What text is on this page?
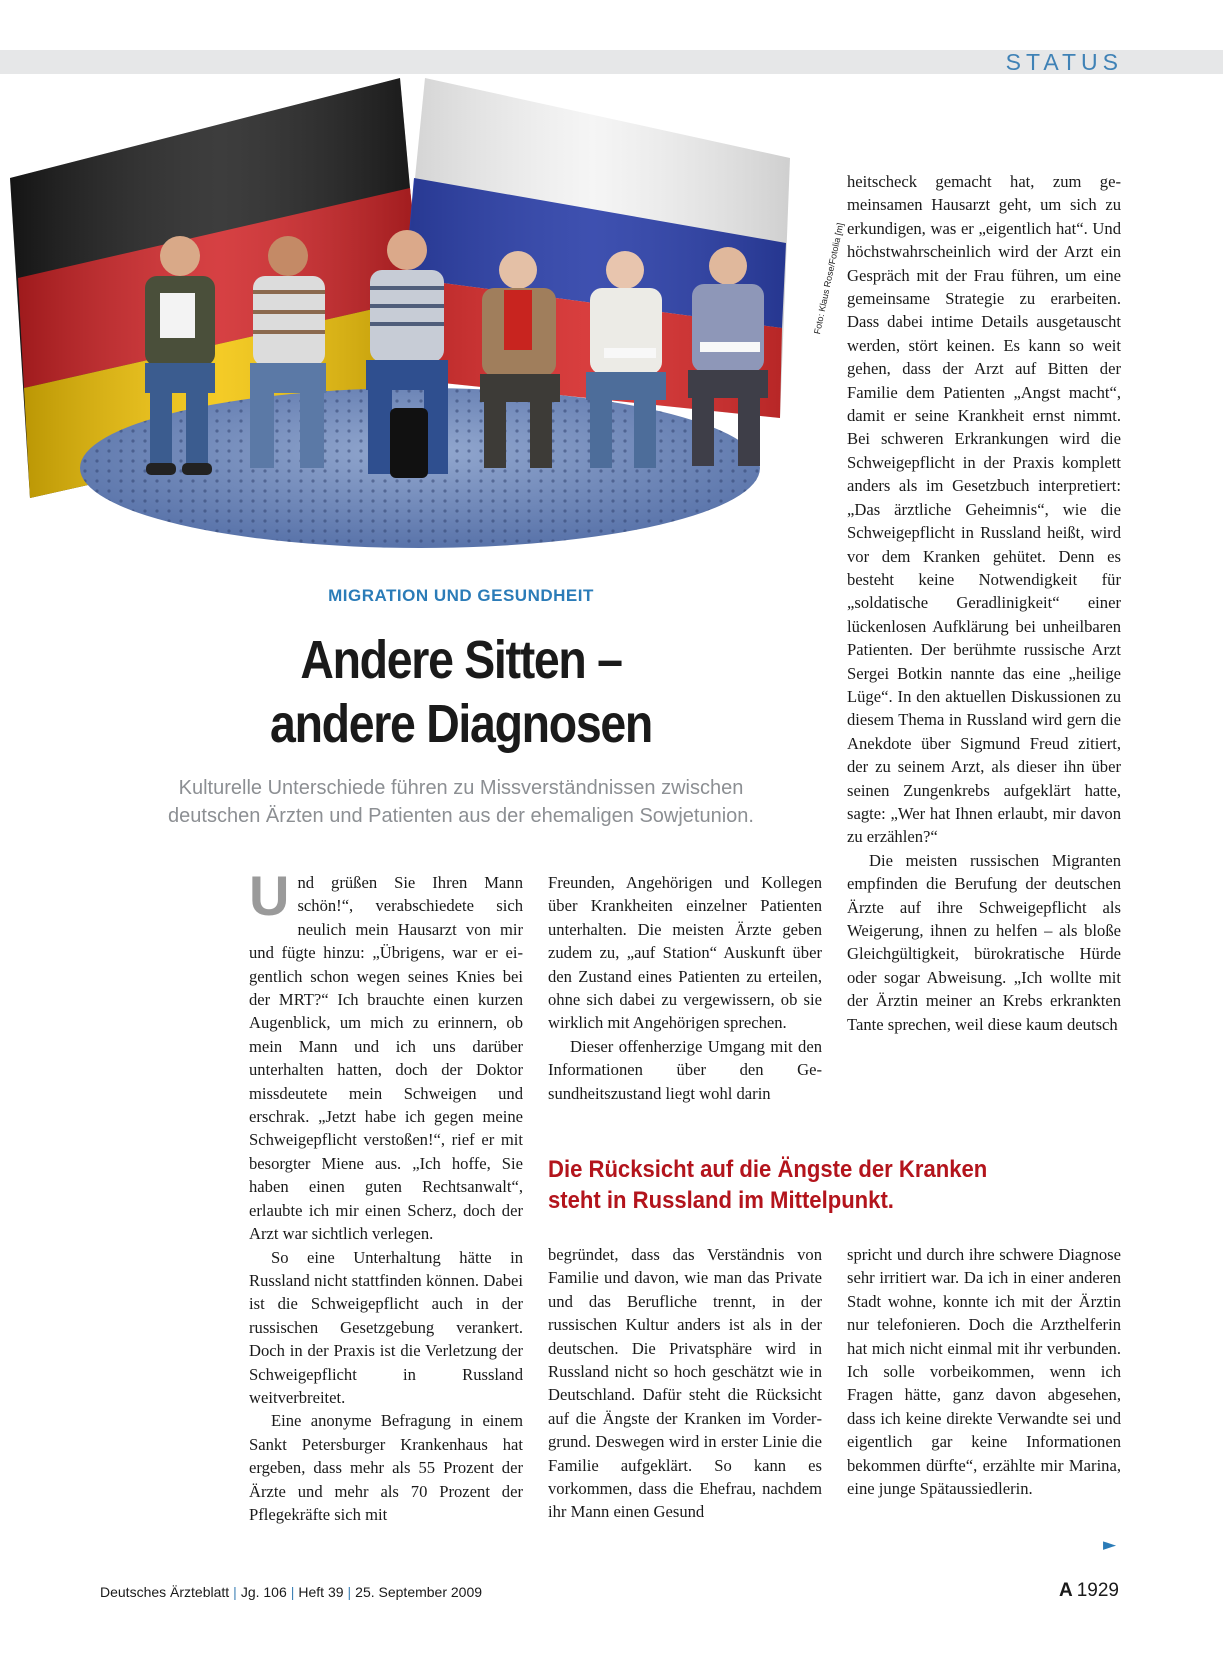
STATUS
Foto: Klaus Rose/Fotolia [m]
MIGRATION UND GESUNDHEIT
Andere Sitten –
andere Diagnosen
Kulturelle Unterschiede führen zu Missverständnissen zwischen
deutschen Ärzten und Patienten aus der ehemaligen Sowjetunion.

Und grüßen Sie Ihren Mann schön!“, verabschiedete sich neulich mein Hausarzt von mir und fügte hinzu: „Übrigens, war er eigentlich schon wegen seines Knies bei der MRT?“ Ich brauchte einen kurzen Augenblick, um mich zu erinnern, ob mein Mann und ich uns darüber unterhalten hatten, doch der Doktor missdeutete mein Schweigen und erschrak. „Jetzt habe ich gegen meine Schweigepflicht verstoßen!“, rief er mit besorgter Miene aus. „Ich hoffe, Sie haben einen guten Rechtsanwalt“, erlaubte ich mir einen Scherz, doch der Arzt war sichtlich verlegen.

So eine Unterhaltung hätte in Russland nicht stattfinden können. Dabei ist die Schweigepflicht auch in der russischen Gesetzgebung verankert. Doch in der Praxis ist die Verletzung der Schweigepflicht in Russland weitverbreitet.

Eine anonyme Befragung in einem Sankt Petersburger Krankenhaus hat ergeben, dass mehr als 55 Prozent der Ärzte und mehr als 70 Prozent der Pflegekräfte sich mit

Freunden, Angehörigen und Kollegen über Krankheiten einzelner Patienten unterhalten. Die meisten Ärzte geben zudem zu, „auf Station“ Auskunft über den Zustand eines Patienten zu erteilen, ohne sich dabei zu vergewissern, ob sie wirklich mit Angehörigen sprechen.

Dieser offenherzige Umgang mit den Informationen über den Gesundheitszustand liegt wohl darin

Die Rücksicht auf die Ängste der Kranken
steht in Russland im Mittelpunkt.

begründet, dass das Verständnis von Familie und davon, wie man das Private und das Berufliche trennt, in der russischen Kultur anders ist als in der deutschen. Die Privatsphäre wird in Russland nicht so hoch geschätzt wie in Deutschland. Dafür steht die Rücksicht auf die Ängste der Kranken im Vordergrund. Deswegen wird in erster Linie die Familie aufgeklärt. So kann es vorkommen, dass die Ehefrau, nachdem ihr Mann einen Gesund

heitscheck gemacht hat, zum gemeinsamen Hausarzt geht, um sich zu erkundigen, was er „eigentlich hat“. Und höchstwahrscheinlich wird der Arzt ein Gespräch mit der Frau führen, um eine gemeinsame Strategie zu erarbeiten. Dass dabei intime Details ausgetauscht werden, stört keinen. Es kann so weit gehen, dass der Arzt auf Bitten der Familie dem Patienten „Angst macht“, damit er seine Krankheit ernst nimmt. Bei schweren Erkrankungen wird die Schweigepflicht in der Praxis komplett anders als im Gesetzbuch interpretiert: „Das ärztliche Geheimnis“, wie die Schweigepflicht in Russland heißt, wird vor dem Kranken gehütet. Denn es besteht keine Notwendigkeit für „soldatische Geradlinigkeit“ einer lückenlosen Aufklärung bei unheilbaren Patienten. Der berühmte russische Arzt Sergei Botkin nannte das eine „heilige Lüge“. In den aktuellen Diskussionen zu diesem Thema in Russland wird gern die Anekdote über Sigmund Freud zitiert, der zu seinem Arzt, als dieser ihn über seinen Zungenkrebs aufgeklärt hatte, sagte: „Wer hat Ihnen erlaubt, mir davon zu erzählen?“

Die meisten russischen Migranten empfinden die Berufung der deutschen Ärzte auf ihre Schweigepflicht als Weigerung, ihnen zu helfen – als bloße Gleichgültigkeit, bürokratische Hürde oder sogar Abweisung. „Ich wollte mit der Ärztin meiner an Krebs erkrankten Tante sprechen, weil diese kaum deutsch

spricht und durch ihre schwere Diagnose sehr irritiert war. Da ich in einer anderen Stadt wohne, konnte ich mit der Ärztin nur telefonieren. Doch die Arzthelferin hat mich nicht einmal mit ihr verbunden. Ich solle vorbeikommen, wenn ich Fragen hätte, ganz davon abgesehen, dass ich keine direkte Verwandte sei und eigentlich gar keine Informationen bekommen dürfte“, erzählte mir Marina, eine junge Spätaussiedlerin.

►
Deutsches Ärzteblatt | Jg. 106 | Heft 39 | 25. September 2009	A 1929
